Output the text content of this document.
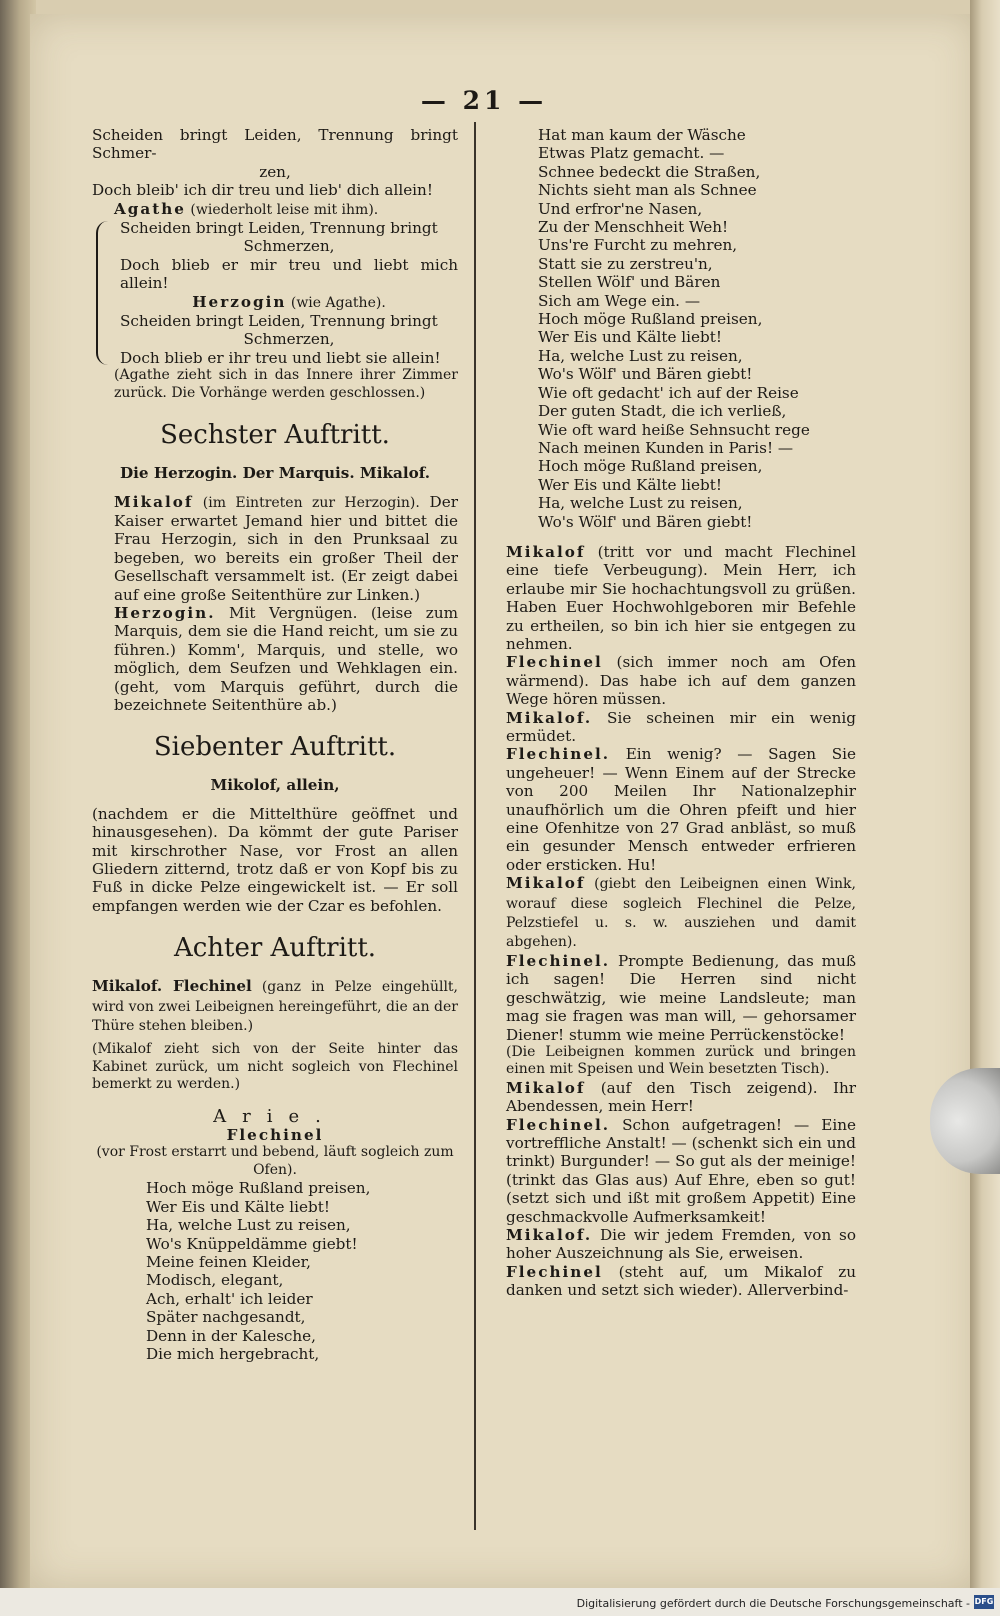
— 21 —

Scheiden bringt Leiden, Trennung bringt Schmer-

zen,

Doch bleib' ich dir treu und lieb' dich allein!

Agathe (wiederholt leise mit ihm).

Scheiden bringt Leiden, Trennung bringt

Schmerzen,

Doch blieb er mir treu und liebt mich allein!

Herzogin (wie Agathe).

Scheiden bringt Leiden, Trennung bringt

Schmerzen,

Doch blieb er ihr treu und liebt sie allein!

(Agathe zieht sich in das Innere ihrer Zimmer zurück. Die Vorhänge werden geschlossen.)

Sechster Auftritt.

Die Herzogin. Der Marquis. Mikalof.

Mikalof (im Eintreten zur Herzogin). Der Kaiser erwartet Jemand hier und bittet die Frau Herzogin, sich in den Prunksaal zu begeben, wo bereits ein großer Theil der Gesellschaft versammelt ist. (Er zeigt dabei auf eine große Seitenthüre zur Linken.)

Herzogin. Mit Vergnügen. (leise zum Marquis, dem sie die Hand reicht, um sie zu führen.) Komm', Marquis, und stelle, wo möglich, dem Seufzen und Wehklagen ein. (geht, vom Marquis geführt, durch die bezeichnete Seitenthüre ab.)

Siebenter Auftritt.

Mikolof, allein,

(nachdem er die Mittelthüre geöffnet und hinausgesehen). Da kömmt der gute Pariser mit kirschrother Nase, vor Frost an allen Gliedern zitternd, trotz daß er von Kopf bis zu Fuß in dicke Pelze eingewickelt ist. — Er soll empfangen werden wie der Czar es befohlen.

Achter Auftritt.

Mikalof. Flechinel (ganz in Pelze eingehüllt, wird von zwei Leibeignen hereingeführt, die an der Thüre stehen bleiben.)

(Mikalof zieht sich von der Seite hinter das Kabinet zurück, um nicht sogleich von Flechinel bemerkt zu werden.)

Arie.

Flechinel

(vor Frost erstarrt und bebend, läuft sogleich zum Ofen).

Hoch möge Rußland preisen,

Wer Eis und Kälte liebt!

Ha, welche Lust zu reisen,

Wo's Knüppeldämme giebt!

Meine feinen Kleider,

Modisch, elegant,

Ach, erhalt' ich leider

Später nachgesandt,

Denn in der Kalesche,

Die mich hergebracht,

Hat man kaum der Wäsche

Etwas Platz gemacht. —

Schnee bedeckt die Straßen,

Nichts sieht man als Schnee

Und erfror'ne Nasen,

Zu der Menschheit Weh!

Uns're Furcht zu mehren,

Statt sie zu zerstreu'n,

Stellen Wölf' und Bären

Sich am Wege ein. —

Hoch möge Rußland preisen,

Wer Eis und Kälte liebt!

Ha, welche Lust zu reisen,

Wo's Wölf' und Bären giebt!

Wie oft gedacht' ich auf der Reise

Der guten Stadt, die ich verließ,

Wie oft ward heiße Sehnsucht rege

Nach meinen Kunden in Paris! —

Hoch möge Rußland preisen,

Wer Eis und Kälte liebt!

Ha, welche Lust zu reisen,

Wo's Wölf' und Bären giebt!

Mikalof (tritt vor und macht Flechinel eine tiefe Verbeugung). Mein Herr, ich erlaube mir Sie hochachtungsvoll zu grüßen. Haben Euer Hochwohlgeboren mir Befehle zu ertheilen, so bin ich hier sie entgegen zu nehmen.

Flechinel (sich immer noch am Ofen wärmend). Das habe ich auf dem ganzen Wege hören müssen.

Mikalof. Sie scheinen mir ein wenig ermüdet.

Flechinel. Ein wenig? — Sagen Sie ungeheuer! — Wenn Einem auf der Strecke von 200 Meilen Ihr Nationalzephir unaufhörlich um die Ohren pfeift und hier eine Ofenhitze von 27 Grad anbläst, so muß ein gesunder Mensch entweder erfrieren oder ersticken. Hu!

Mikalof (giebt den Leibeignen einen Wink, worauf diese sogleich Flechinel die Pelze, Pelzstiefel u. s. w. ausziehen und damit abgehen).

Flechinel. Prompte Bedienung, das muß ich sagen! Die Herren sind nicht geschwätzig, wie meine Landsleute; man mag sie fragen was man will, — gehorsamer Diener! stumm wie meine Perrückenstöcke!

(Die Leibeignen kommen zurück und bringen einen mit Speisen und Wein besetzten Tisch).

Mikalof (auf den Tisch zeigend). Ihr Abendessen, mein Herr!

Flechinel. Schon aufgetragen! — Eine vortreffliche Anstalt! — (schenkt sich ein und trinkt) Burgunder! — So gut als der meinige! (trinkt das Glas aus) Auf Ehre, eben so gut! (setzt sich und ißt mit großem Appetit) Eine geschmackvolle Aufmerksamkeit!

Mikalof. Die wir jedem Fremden, von so hoher Auszeichnung als Sie, erweisen.

Flechinel (steht auf, um Mikalof zu danken und setzt sich wieder). Allerverbind-

Digitalisierung gefördert durch die Deutsche Forschungsgemeinschaft - DFG
